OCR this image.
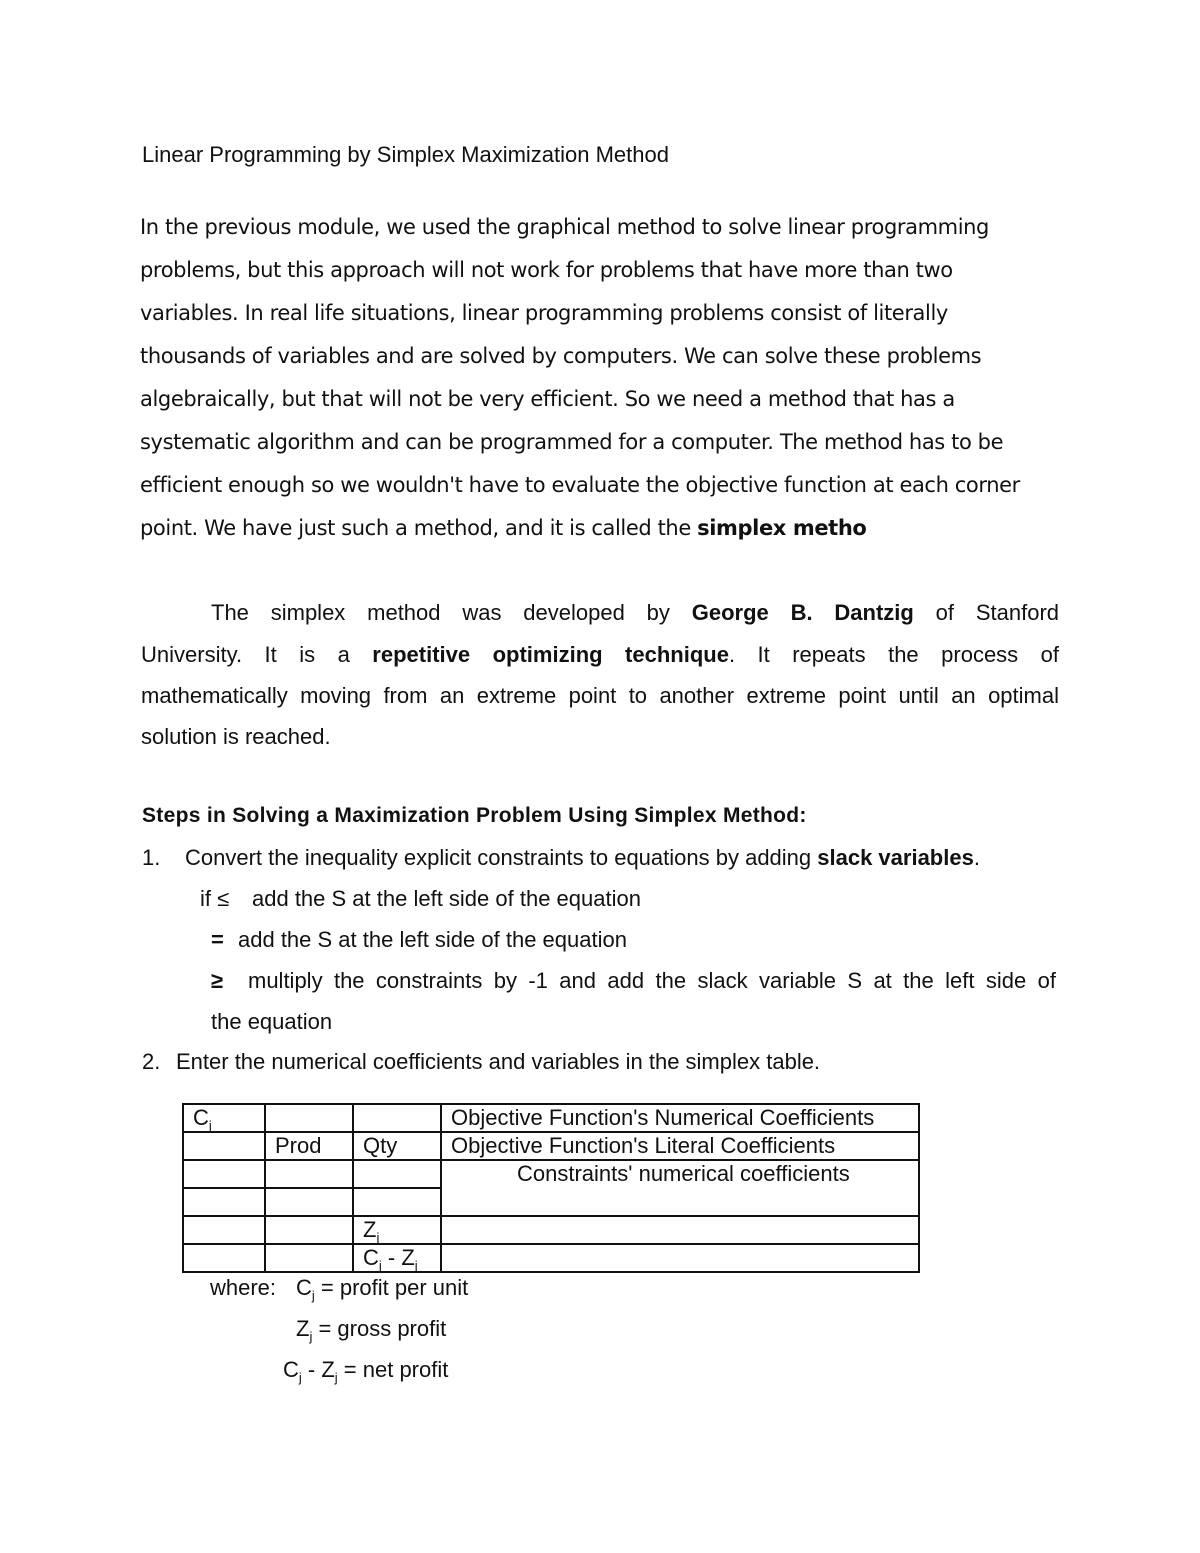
Linear Programming by Simplex Maximization Method

In the previous module, we used the graphical method to solve linear programming

problems, but this approach will not work for problems that have more than two

variables. In real life situations, linear programming problems consist of literally

thousands of variables and are solved by computers. We can solve these problems

algebraically, but that will not be very efficient. So we need a method that has a

systematic algorithm and can be programmed for a computer. The method has to be

efficient enough so we wouldn't have to evaluate the objective function at each corner

point. We have just such a method, and it is called the simplex metho

The simplex method was developed by George B. Dantzig of Stanford
University. It is a repetitive optimizing technique. It repeats the process of
mathematically moving from an extreme point to another extreme point until an optimal
solution is reached.
Steps in Solving a Maximization Problem Using Simplex Method:
1. Convert the inequality explicit constraints to equations by adding slack variables.
if ≤ add the S at the left side of the equation
= add the S at the left side of the equation
≥ multiply the constraints by -1 and add the slack variable S at the left side of
the equation
2. Enter the numerical coefficients and variables in the simplex table.
$C_j$			Objective Function's Numerical Coefficients
	Prod	Qty	Objective Function's Literal Coefficients
			Constraints' numerical coefficients

		$Z_j$	
		$C_j - Z_j$	
where: $C_j$ = profit per unit
$Z_j$ = gross profit
$C_j - Z_j$ = net profit
